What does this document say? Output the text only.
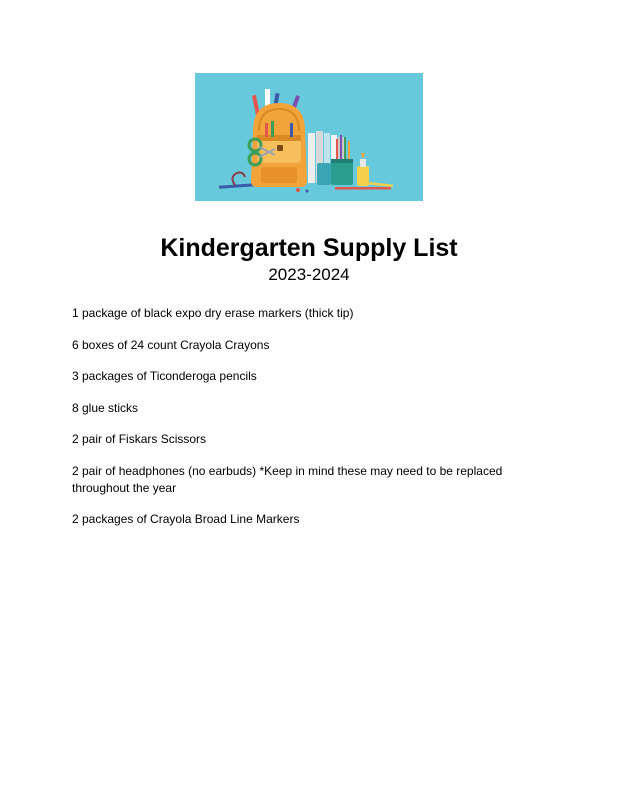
Kindergarten Supply List
2023-2024
1 package of black expo dry erase markers (thick tip)
6 boxes of 24 count Crayola Crayons
3 packages of Ticonderoga pencils
8 glue sticks
2 pair of Fiskars Scissors
2 pair of headphones (no earbuds) *Keep in mind these may need to be replaced throughout the year
2 packages of Crayola Broad Line Markers
